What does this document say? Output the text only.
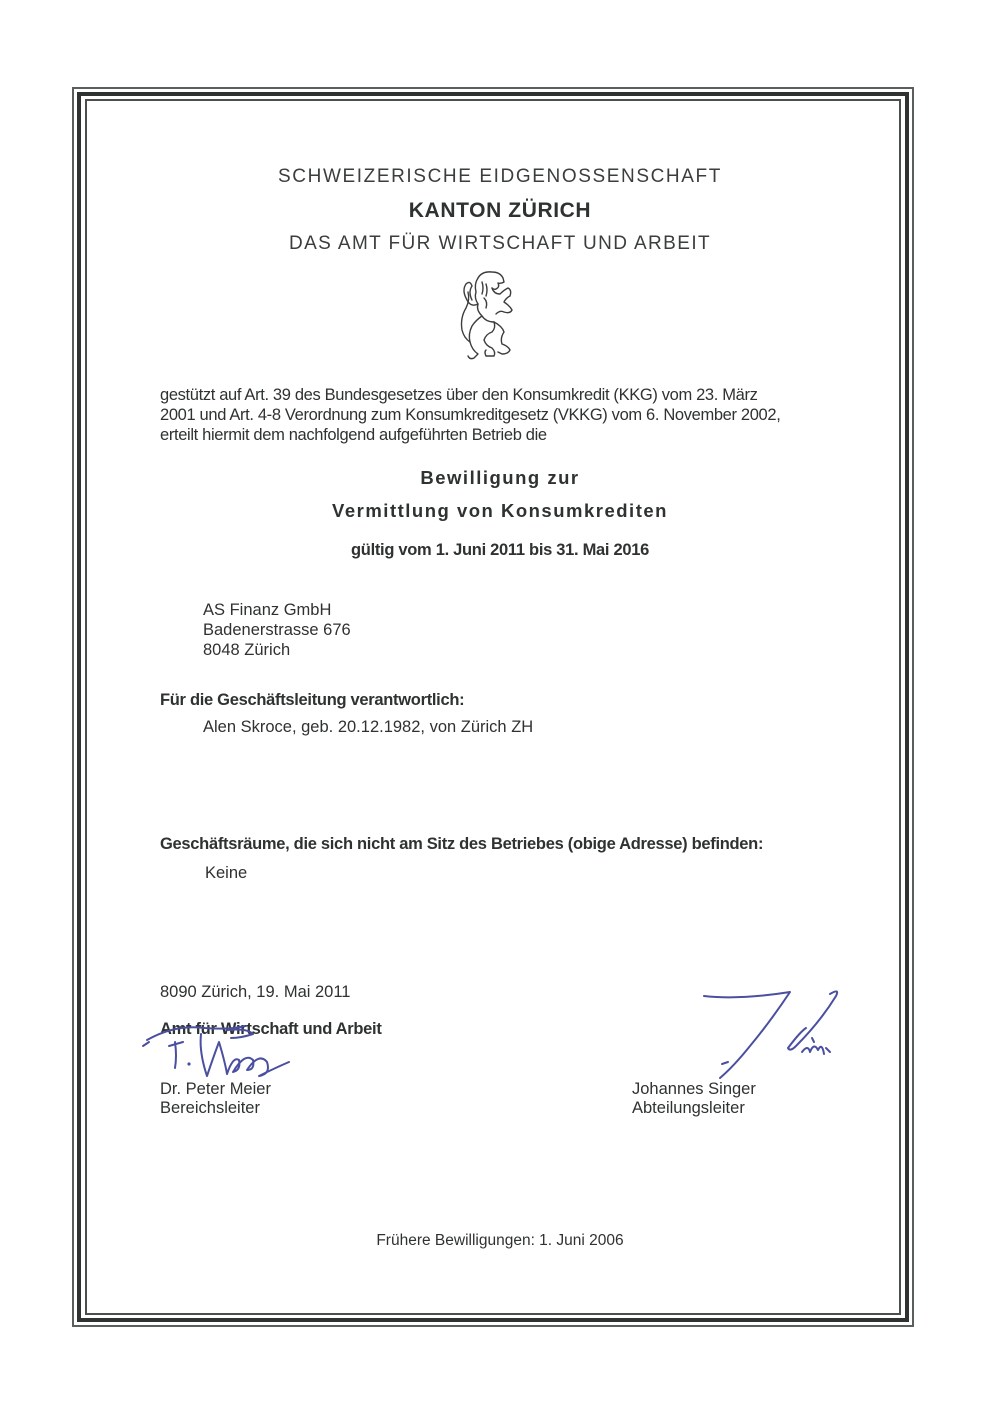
SCHWEIZERISCHE EIDGENOSSENSCHAFT
KANTON ZÜRICH
DAS AMT FÜR WIRTSCHAFT UND ARBEIT
gestützt auf Art. 39 des Bundesgesetzes über den Konsumkredit (KKG) vom 23. März
2001 und Art. 4-8 Verordnung zum Konsumkreditgesetz (VKKG) vom 6. November 2002,
erteilt hiermit dem nachfolgend aufgeführten Betrieb die
Bewilligung zur
Vermittlung von Konsumkrediten
gültig vom 1. Juni 2011 bis 31. Mai 2016
AS Finanz GmbH
Badenerstrasse 676
8048 Zürich
Für die Geschäftsleitung verantwortlich:
Alen Skroce, geb. 20.12.1982, von Zürich ZH
Geschäftsräume, die sich nicht am Sitz des Betriebes (obige Adresse) befinden:
Keine
8090 Zürich, 19. Mai 2011
Amt für Wirtschaft und Arbeit
Dr. Peter Meier
Bereichsleiter
Johannes Singer
Abteilungsleiter
Frühere Bewilligungen: 1. Juni 2006
